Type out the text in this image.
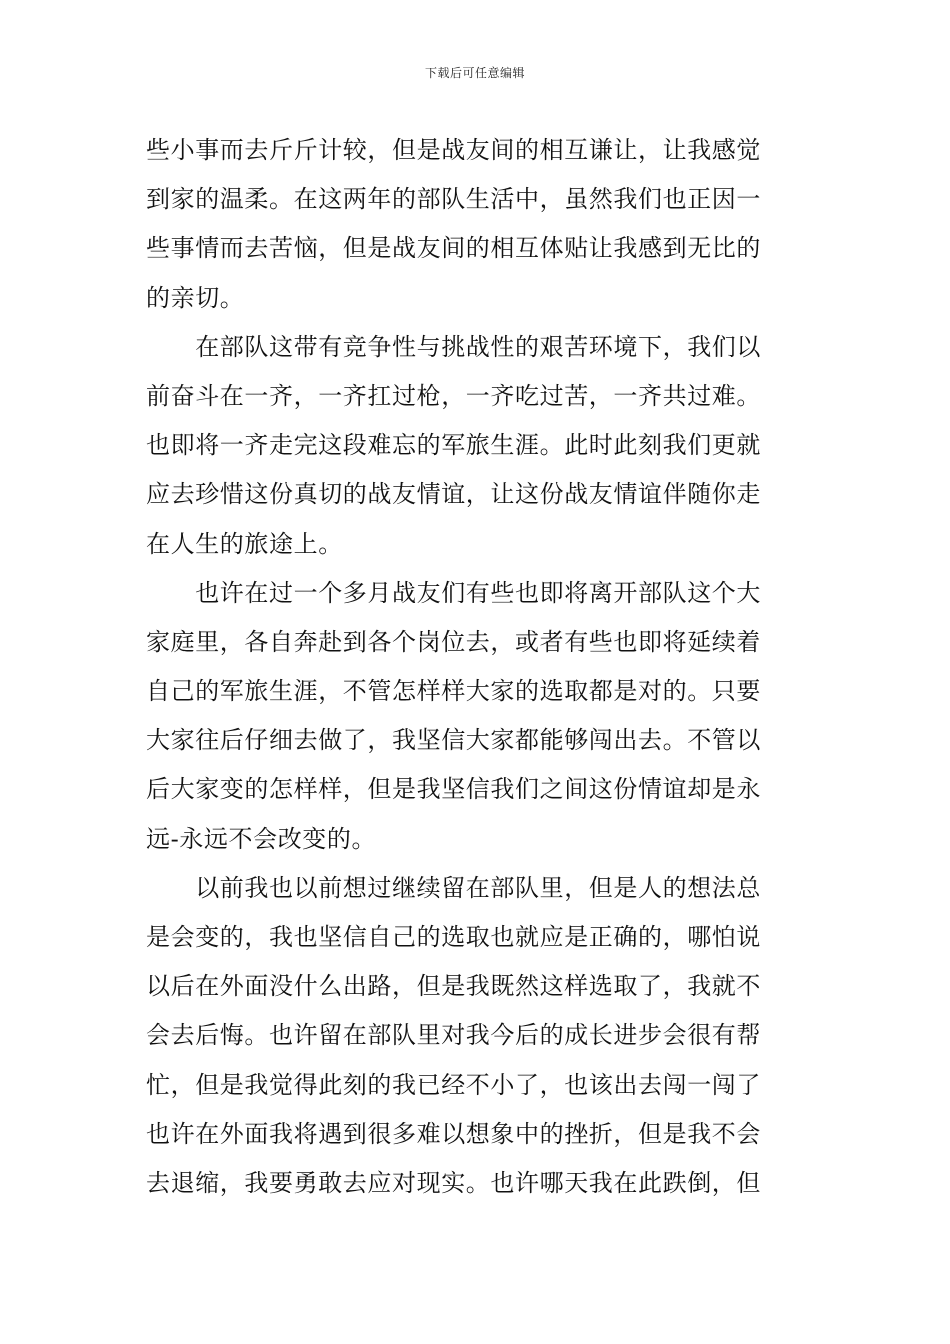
下载后可任意编辑
些小事而去斤斤计较，但是战友间的相互谦让，让我感觉
到家的温柔。在这两年的部队生活中，虽然我们也正因一
些事情而去苦恼，但是战友间的相互体贴让我感到无比的
的亲切。
　　在部队这带有竞争性与挑战性的艰苦环境下，我们以
前奋斗在一齐，一齐扛过枪，一齐吃过苦，一齐共过难。
也即将一齐走完这段难忘的军旅生涯。此时此刻我们更就
应去珍惜这份真切的战友情谊，让这份战友情谊伴随你走
在人生的旅途上。
　　也许在过一个多月战友们有些也即将离开部队这个大
家庭里，各自奔赴到各个岗位去，或者有些也即将延续着
自己的军旅生涯，不管怎样样大家的选取都是对的。只要
大家往后仔细去做了，我坚信大家都能够闯出去。不管以
后大家变的怎样样，但是我坚信我们之间这份情谊却是永
远-永远不会改变的。
　　以前我也以前想过继续留在部队里，但是人的想法总
是会变的，我也坚信自己的选取也就应是正确的，哪怕说
以后在外面没什么出路，但是我既然这样选取了，我就不
会去后悔。也许留在部队里对我今后的成长进步会很有帮
忙，但是我觉得此刻的我已经不小了，也该出去闯一闯了
也许在外面我将遇到很多难以想象中的挫折，但是我不会
去退缩，我要勇敢去应对现实。也许哪天我在此跌倒，但
